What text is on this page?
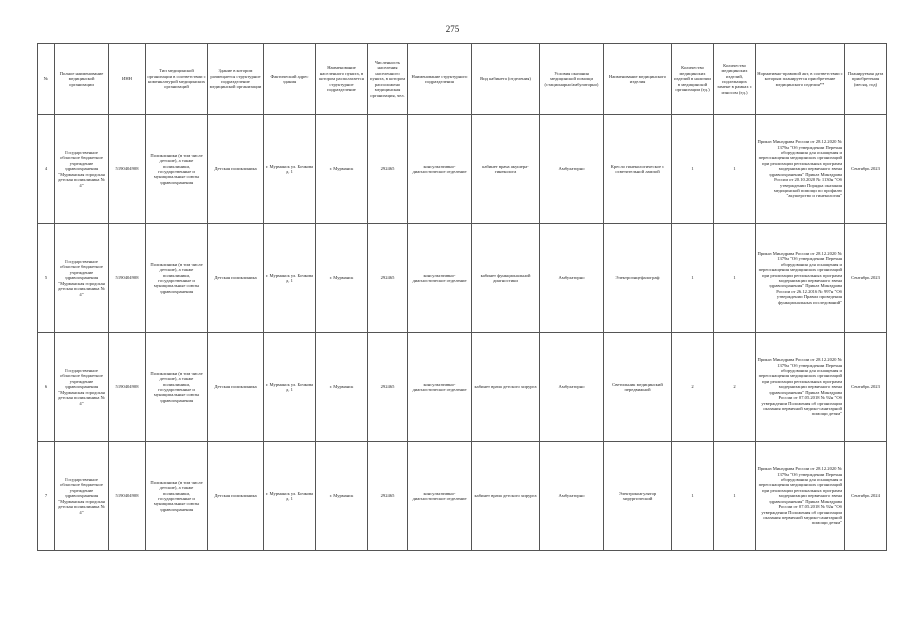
275
№	Полное наименование медицинской организации	ИНН	Тип медицинской организации в соответствии с номенклатурой медицинских организаций	Здание в котором размещается структурное подразделение медицинской организации	Фактический адрес здания	Наименование населенного пункта, в котором располагается структурное подразделение	Численность населения населенного пункта, в котором расположено медицинская организация, чел.	Наименование структурного подразделения	Вид кабинета (отделения)	Условия оказания медицинской помощи (стационарно/амбулаторно)	Наименование медицинского изделия	Количество медицинских изделий в наличии в медицинской организации (ед.)	Количество медицинских изделий, подлежащих замене в рамках с износом (ед.)	Нормативно-правовой акт, в соответствии с которым планируется приобретение медицинского изделия**	Планируемая дата приобретения (месяц, год)
4	Государственное областное бюджетное учреждение здравоохранения "Мурманская городская детская поликлиника № 4"	5190404908	Поликлиники (в том числе детские), а также поликлиники, государственные и муниципальные союзы здравоохранения	Детская поликлиника	г. Мурманск ул. Бочкова д. 1	г. Мурманск	292465	консультативно-диагностическое отделение	кабинет врача акушера-гинеколога	Амбулаторно	Кресло гинекологическое с осветительной лампой	1	1	Приказ Минздрава России от 28.12.2020 № 1379н "Об утверждении Перечня оборудования для оснащения и переоснащения медицинских организаций при реализации региональных программ модернизации первичного звена здравоохранения" Приказ Минздрава России от 20.10.2020 № 1130н "Об утверждении Порядка оказания медицинской помощи по профилю "акушерство и гинекология"	Сентябрь 2023
5	Государственное областное бюджетное учреждение здравоохранения "Мурманская городская детская поликлиника № 4"	5190404908	Поликлиники (в том числе детские), а также поликлиники, государственные и муниципальные союзы здравоохранения	Детская поликлиника	г. Мурманск ул. Бочкова д. 1	г. Мурманск	292465	консультативно-диагностическое отделение	кабинет функциональной диагностики	Амбулаторно	Электроэнцефалограф	1	1	Приказ Минздрава России от 28.12.2020 № 1379н "Об утверждении Перечня оборудования для оснащения и переоснащения медицинских организаций при реализации региональных программ модернизации первичного звена здравоохранения" Приказ Минздрава России от 26.12.2016 № 997н "Об утверждении Правил проведения функциональных исследований"	Сентябрь 2023
6	Государственное областное бюджетное учреждение здравоохранения "Мурманская городская детская поликлиника № 4"	5190404908	Поликлиники (в том числе детские), а также поликлиники, государственные и муниципальные союзы здравоохранения	Детская поликлиника	г. Мурманск ул. Бочкова д. 1	г. Мурманск	292465	консультативно-диагностическое отделение	кабинет врача детского хирурга	Амбулаторно	Светильник медицинский передвижной	2	2	Приказ Минздрава России от 28.12.2020 № 1379н "Об утверждении Перечня оборудования для оснащения и переоснащения медицинских организаций при реализации региональных программ модернизации первичного звена здравоохранения" Приказ Минздрава России от 07.05.2018 № 92н "Об утверждении Положения об организации оказания первичной медико-санитарной помощи детям"	Сентябрь 2023
7	Государственное областное бюджетное учреждение здравоохранения "Мурманская городская детская поликлиника № 4"	5190404908	Поликлиники (в том числе детские), а также поликлиники, государственные и муниципальные союзы здравоохранения	Детская поликлиника	г. Мурманск ул. Бочкова д. 1	г. Мурманск	292465	консультативно-диагностическое отделение	кабинет врача детского хирурга	Амбулаторно	Электрокоагулятор хирургический	1	1	Приказ Минздрава России от 28.12.2020 № 1379н "Об утверждении Перечня оборудования для оснащения и переоснащения медицинских организаций при реализации региональных программ модернизации первичного звена здравоохранения" Приказ Минздрава России от 07.05.2018 № 92н "Об утверждении Положения об организации оказания первичной медико-санитарной помощи детям"	Сентябрь 2024
